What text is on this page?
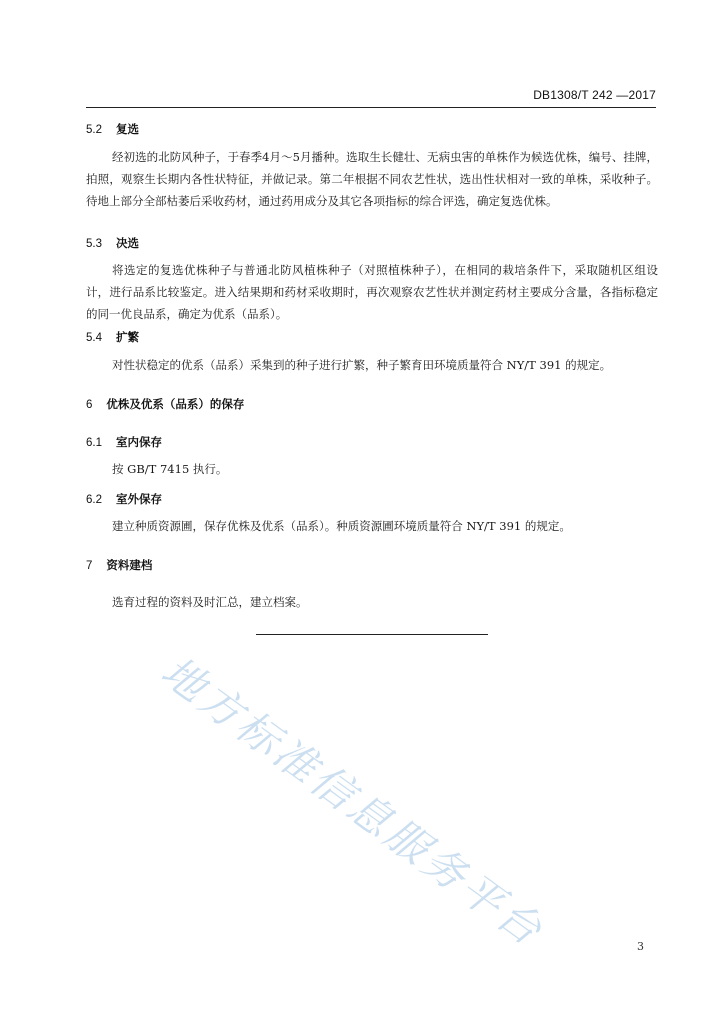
DB1308/T 242 —2017
5.2 复选
经初选的北防风种子，于春季4月～5月播种。选取生长健壮、无病虫害的单株作为候选优株，编号、挂牌，拍照，观察生长期内各性状特征，并做记录。第二年根据不同农艺性状，选出性状相对一致的单株，采收种子。待地上部分全部枯萎后采收药材，通过药用成分及其它各项指标的综合评选，确定复选优株。
5.3 决选
将选定的复选优株种子与普通北防风植株种子（对照植株种子），在相同的栽培条件下，采取随机区组设计，进行品系比较鉴定。进入结果期和药材采收期时，再次观察农艺性状并测定药材主要成分含量，各指标稳定的同一优良品系，确定为优系（品系）。
5.4 扩繁
对性状稳定的优系（品系）采集到的种子进行扩繁，种子繁育田环境质量符合 NY/T 391 的规定。
6 优株及优系（品系）的保存
6.1 室内保存
按 GB/T 7415 执行。
6.2 室外保存
建立种质资源圃，保存优株及优系（品系）。种质资源圃环境质量符合 NY/T 391 的规定。
7 资料建档
选育过程的资料及时汇总，建立档案。
地方标准信息服务平台	3
